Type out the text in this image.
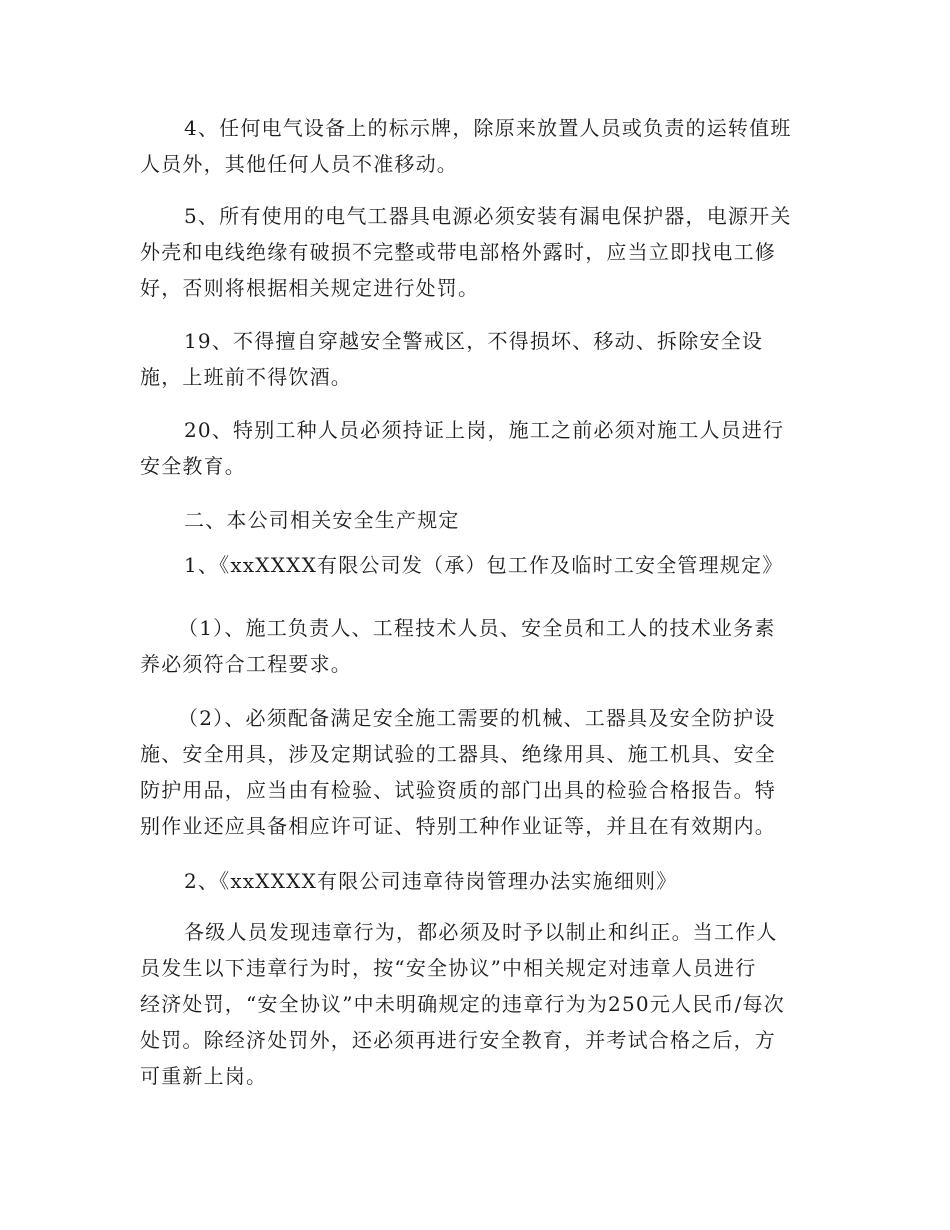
4、任何电气设备上的标示牌，除原来放置人员或负责的运转值班
人员外，其他任何人员不准移动。
5、所有使用的电气工器具电源必须安装有漏电保护器，电源开关
外壳和电线绝缘有破损不完整或带电部格外露时，应当立即找电工修
好，否则将根据相关规定进行处罚。
19、不得擅自穿越安全警戒区，不得损坏、移动、拆除安全设
施，上班前不得饮酒。
20、特别工种人员必须持证上岗，施工之前必须对施工人员进行
安全教育。
二、本公司相关安全生产规定
1、《xxXXXX有限公司发（承）包工作及临时工安全管理规定》
（1）、施工负责人、工程技术人员、安全员和工人的技术业务素
养必须符合工程要求。
（2）、必须配备满足安全施工需要的机械、工器具及安全防护设
施、安全用具，涉及定期试验的工器具、绝缘用具、施工机具、安全
防护用品，应当由有检验、试验资质的部门出具的检验合格报告。特
别作业还应具备相应许可证、特别工种作业证等，并且在有效期内。
2、《xxXXXX有限公司违章待岗管理办法实施细则》
各级人员发现违章行为，都必须及时予以制止和纠正。当工作人
员发生以下违章行为时，按“安全协议”中相关规定对违章人员进行
经济处罚，“安全协议”中未明确规定的违章行为为250元人民币/每次
处罚。除经济处罚外，还必须再进行安全教育，并考试合格之后，方
可重新上岗。
